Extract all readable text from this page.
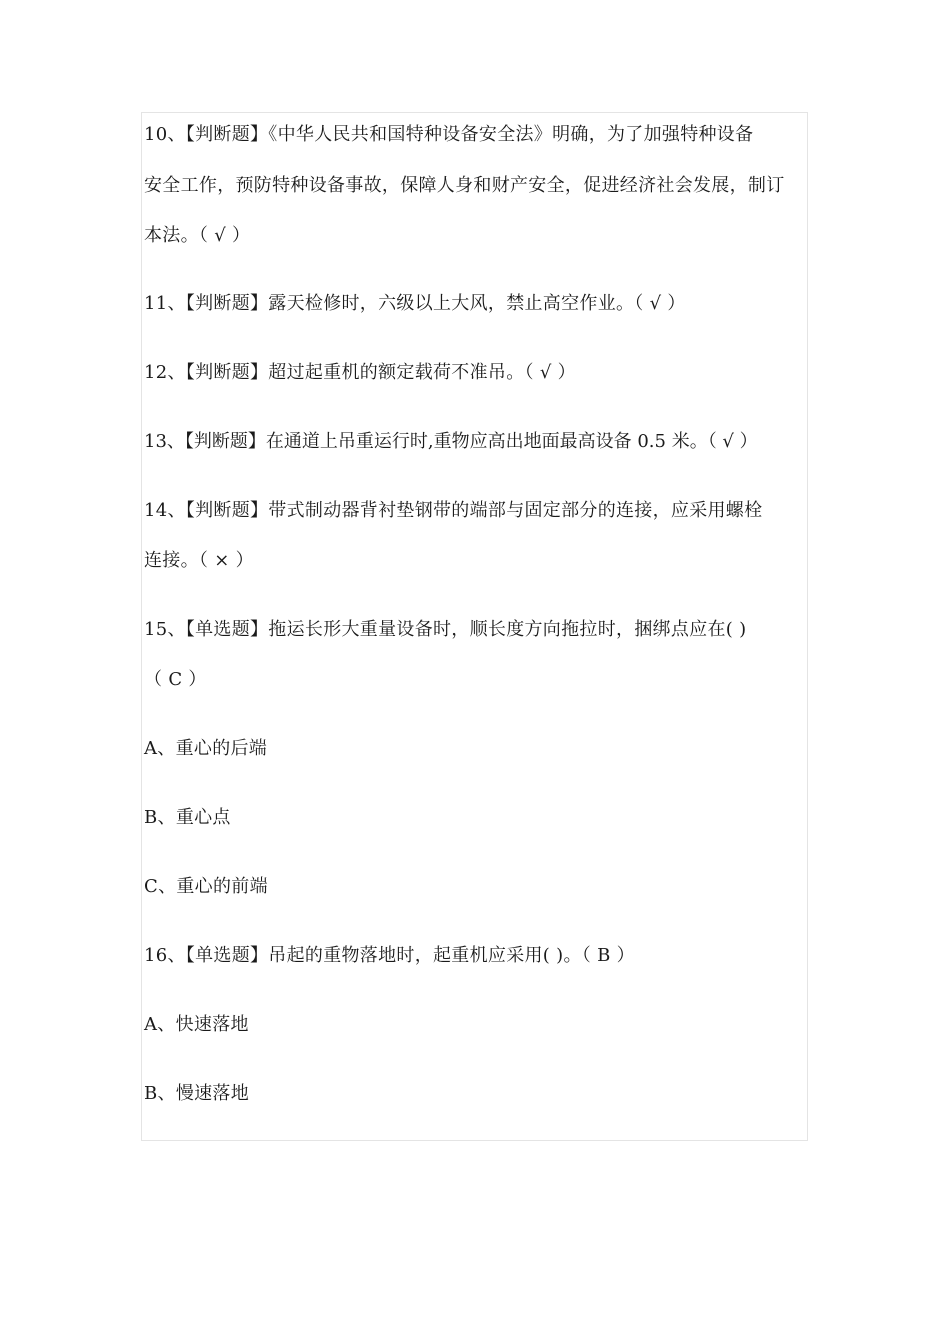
10、【判断题】《中华人民共和国特种设备安全法》明确，为了加强特种设备
安全工作，预防特种设备事故，保障人身和财产安全，促进经济社会发展，制订
本法。（ √ ）
11、【判断题】露天检修时，六级以上大风，禁止高空作业。（ √ ）
12、【判断题】超过起重机的额定载荷不准吊。（ √ ）
13、【判断题】在通道上吊重运行时,重物应高出地面最高设备 0.5 米。（ √ ）
14、【判断题】带式制动器背衬垫钢带的端部与固定部分的连接，应采用螺栓
连接。（ × ）
15、【单选题】拖运长形大重量设备时，顺长度方向拖拉时，捆绑点应在( )
（ C ）
A、重心的后端
B、重心点
C、重心的前端
16、【单选题】吊起的重物落地时，起重机应采用( )。（ B ）
A、快速落地
B、慢速落地
